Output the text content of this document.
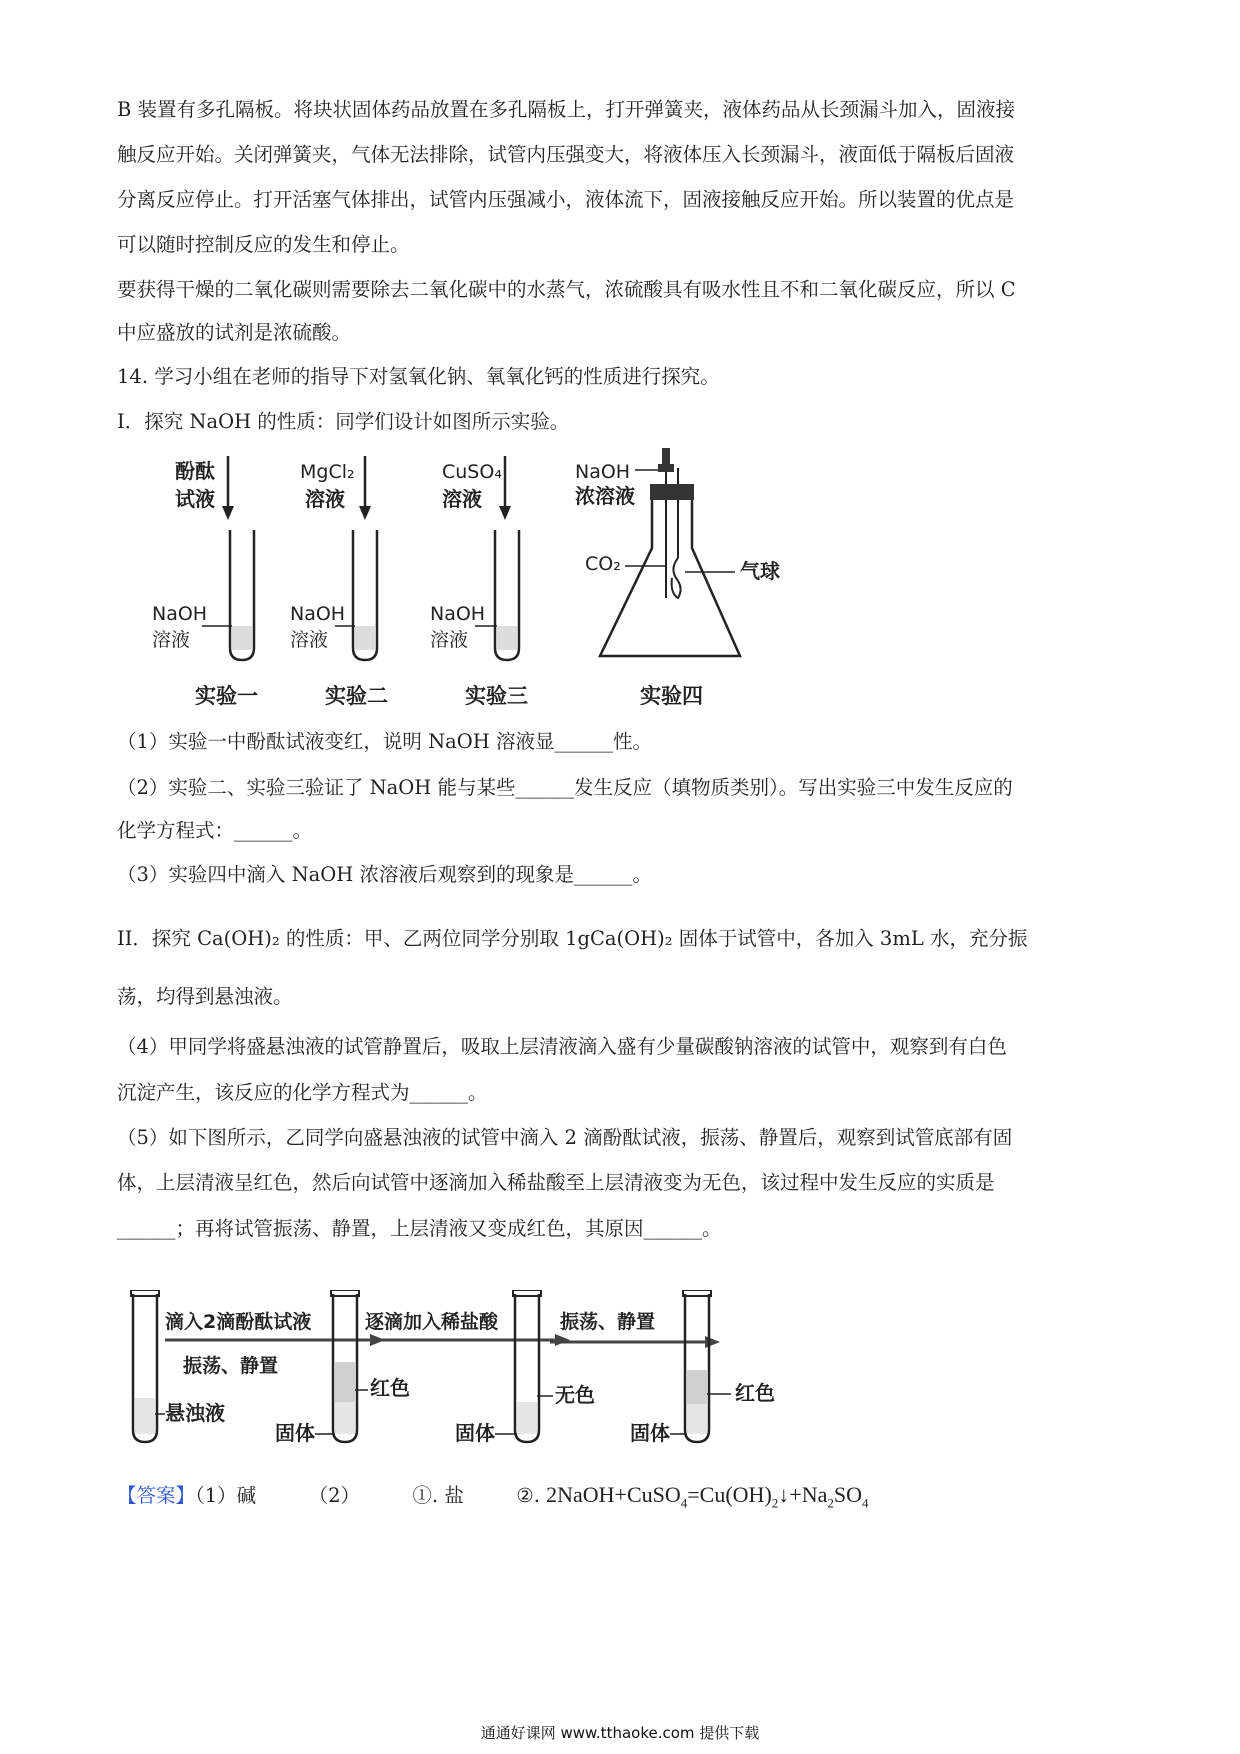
B 装置有多孔隔板。将块状固体药品放置在多孔隔板上，打开弹簧夹，液体药品从长颈漏斗加入，固液接
触反应开始。关闭弹簧夹，气体无法排除，试管内压强变大，将液体压入长颈漏斗，液面低于隔板后固液
分离反应停止。打开活塞气体排出，试管内压强减小，液体流下，固液接触反应开始。所以装置的优点是
可以随时控制反应的发生和停止。
要获得干燥的二氧化碳则需要除去二氧化碳中的水蒸气，浓硫酸具有吸水性且不和二氧化碳反应，所以 C
中应盛放的试剂是浓硫酸。
14. 学习小组在老师的指导下对氢氧化钠、氧氧化钙的性质进行探究。
I．探究 NaOH 的性质：同学们设计如图所示实验。
酚酞
试液
NaOH
溶液
实验一
MgCl₂
溶液
NaOH
溶液
实验二
CuSO₄
溶液
NaOH
溶液
实验三
NaOH
浓溶液
CO₂	气球
实验四
（1）实验一中酚酞试液变红，说明 NaOH 溶液显______性。
（2）实验二、实验三验证了 NaOH 能与某些______发生反应（填物质类别）。写出实验三中发生反应的
化学方程式：______。
（3）实验四中滴入 NaOH 浓溶液后观察到的现象是______。
II．探究 Ca(OH)₂ 的性质：甲、乙两位同学分别取 1gCa(OH)₂ 固体于试管中，各加入 3mL 水，充分振
荡，均得到悬浊液。
（4）甲同学将盛悬浊液的试管静置后，吸取上层清液滴入盛有少量碳酸钠溶液的试管中，观察到有白色
沉淀产生，该反应的化学方程式为______。
（5）如下图所示，乙同学向盛悬浊液的试管中滴入 2 滴酚酞试液，振荡、静置后，观察到试管底部有固
体，上层清液呈红色，然后向试管中逐滴加入稀盐酸至上层清液变为无色，该过程中发生反应的实质是
______；再将试管振荡、静置，上层清液又变成红色，其原因______。
悬浊液
滴入2滴酚酞试液
振荡、静置
红色
固体
逐滴加入稀盐酸
无色
固体
振荡、静置
红色
固体
【答案】（1）碱	（2）	①. 盐	②. $2NaOH+CuSO_4=Cu(OH)_2↓+Na_2SO_4$
通通好课网 www.tthaoke.com 提供下载
